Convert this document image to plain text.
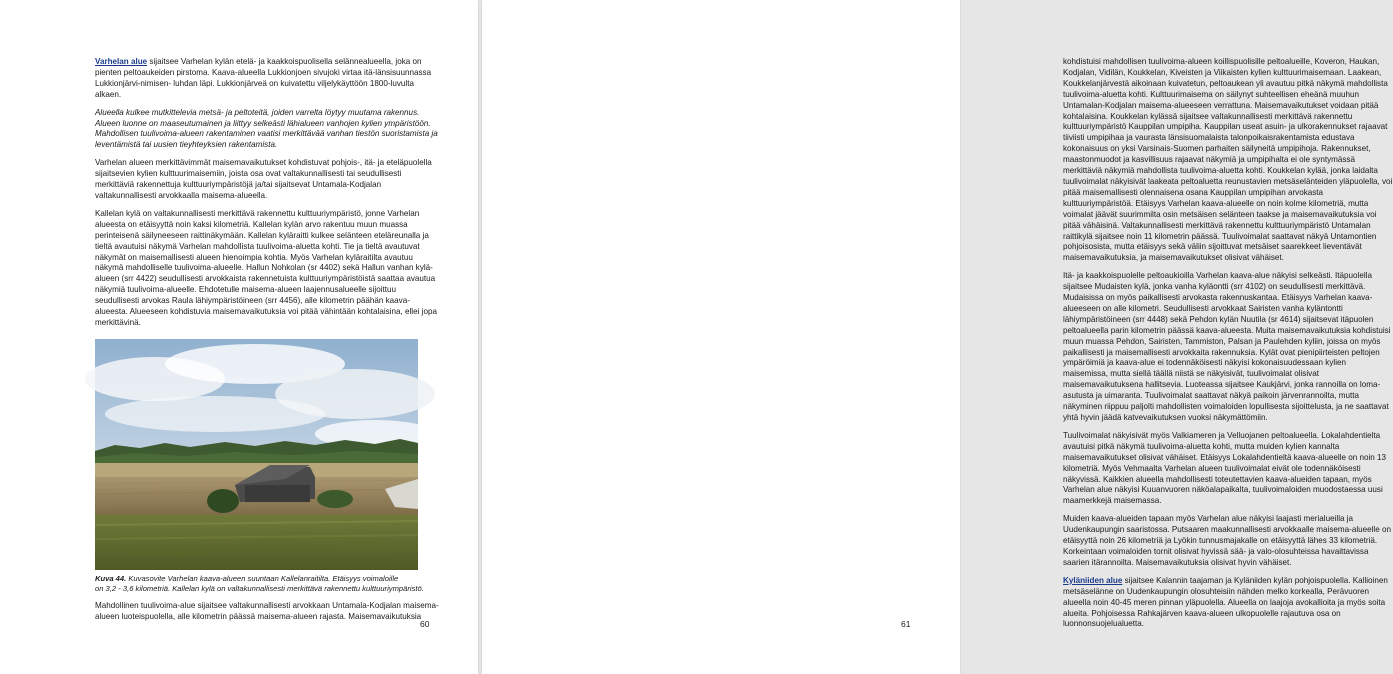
Varhelan alue sijaitsee Varhelan kylän etelä- ja kaakkoispuolisella selännealueella, joka on pienten peltoaukeiden pirstoma. Kaava-alueella Lukkionjoen sivujoki virtaa itä-länsisuunnassa Lukkionjärvi-nimisen- luhdan läpi. Lukkionjärveä on kuivatettu viljelykäyttöön 1800-luvulta alkaen.

Alueella kulkee mutkittelevia metsä- ja peltoteitä, joiden varrelta löytyy muutama rakennus. Alueen luonne on maaseutumainen ja liittyy selkeästi lähialueen vanhojen kylien ympäristöön. Mahdollisen tuulivoima-alueen rakentaminen vaatisi merkittävää vanhan tiestön suoristamista ja leventämistä tai uusien tieyhteyksien rakentamista.

Varhelan alueen merkittävimmät maisemavaikutukset kohdistuvat pohjois-, itä- ja eteläpuolella sijaitsevien kylien kulttuurimaisemiin, joista osa ovat valtakunnallisesti tai seudullisesti merkittäviä rakennettuja kulttuuriympäristöjä ja/tai sijaitsevat Untamala-Kodjalan valtakunnallisesti arvokkaalla maisema-alueella.

Kallelan kylä on valtakunnallisesti merkittävä rakennettu kulttuuriympäristö, jonne Varhelan alueesta on etäisyyttä noin kaksi kilometriä. Kallelan kylän arvo rakentuu muun muassa perinteisenä säilyneeseen raittinäkymään. Kallelan kyläraitti kulkee selänteen eteläreunalla ja tieltä avautuisi näkymä Varhelan mahdollista tuulivoima-aluetta kohti. Tie ja tieltä avautuvat näkymät on maisemallisesti alueen hienoimpia kohtia. Myös Varhelan kyläraitilta avautuu näkymä mahdolliselle tuulivoima-alueelle. Hallun Nohkolan (sr 4402) sekä Hallun vanhan kylä-alueen (srr 4422) seudullisesti arvokkaista rakennetuista kulttuuriympäristöistä saattaa avautua näkymiä tuulivoima-alueelle. Ehdotetulle maisema-alueen laajennusalueelle sijoittuu seudullisesti arvokas Raula lähiympäristöineen (srr 4456), alle kilometrin päähän kaava-alueesta. Alueeseen kohdistuvia maisemavaikutuksia voi pitää vähintään kohtalaisina, ellei jopa merkittävinä.

Kuva 44. Kuvasovite Varhelan kaava-alueen suuntaan Kallelanraitilta. Etäisyys voimaloille
on 3,2 - 3,6 kilometriä. Kallelan kylä on valtakunnallisesti merkittävä rakennettu kulttuuriympäristö.

Mahdollinen tuulivoima-alue sijaitsee valtakunnallisesti arvokkaan Untamala-Kodjalan maisema-alueen luoteispuolella, alle kilometrin päässä maisema-alueen rajasta. Maisemavaikutuksia

60

kohdistuisi mahdollisen tuulivoima-alueen koillispuolisille peltoalueille, Koveron, Haukan, Kodjalan, Vidilän, Koukkelan, Kiveisten ja Viikaisten kylien kulttuurimaisemaan. Laakean, Koukkelanjärvestä aikoinaan kuivatetun, peltoaukean yli avautuu pitkä näkymä mahdollista tuulivoima-aluetta kohti. Kulttuurimaisema on säilynyt suhteellisen eheänä muuhun Untamalan-Kodjalan maisema-alueeseen verrattuna. Maisemavaikutukset voidaan pitää kohtalaisina. Koukkelan kylässä sijaitsee valtakunnallisesti merkittävä rakennettu kulttuuriympäristö Kauppilan umpipiha. Kauppilan useat asuin- ja ulkorakennukset rajaavat tiiviisti umpipihaa ja vaurasta länsisuomalaista talonpoikaisrakentamista edustava kokonaisuus on yksi Varsinais-Suomen parhaiten säilyneitä umpipihoja. Rakennukset, maastonmuodot ja kasvillisuus rajaavat näkymiä ja umpipihalta ei ole syntymässä merkittäviä näkymiä mahdollista tuulivoima-aluetta kohti. Koukkelan kylää, jonka laidalta tuulivoimalat näkyisivät laakeata peltoaluetta reunustavien metsäselänteiden yläpuolella, voi pitää maisemallisesti olennaisena osana Kauppilan umpipihan arvokasta kulttuuriympäristöä. Etäisyys Varhelan kaava-alueelle on noin kolme kilometriä, mutta voimalat jäävät suurimmilta osin metsäisen selänteen taakse ja maisemavaikutuksia voi pitää vähäisinä. Valtakunnallisesti merkittävä rakennettu kulttuuriympäristö Untamalan raittikylä sijaitsee noin 11 kilometrin päässä. Tuulivoimalat saattavat näkyä Untamontien pohjoisosista, mutta etäisyys sekä väliin sijoittuvat metsäiset saarekkeet lieventävät maisemavaikutuksia, ja maisemavaikutukset olisivat vähäiset.

Itä- ja kaakkoispuolelle peltoaukioilla Varhelan kaava-alue näkyisi selkeästi. Itäpuolella sijaitsee Mudaisten kylä, jonka vanha kyläontti (srr 4102) on seudullisesti merkittävä. Mudaisissa on myös paikallisesti arvokasta rakennuskantaa. Etäisyys Varhelan kaava-alueeseen on alle kilometri. Seudullisesti arvokkaat Sairisten vanha kyläntontti lähiympäristöineen (srr 4448) sekä Pehdon kylän Nuutila (sr 4614) sijaitsevat itäpuolen peltoalueella parin kilometrin päässä kaava-alueesta. Muita maisemavaikutuksia kohdistuisi muun muassa Pehdon, Sairisten, Tammiston, Palsan ja Paulehden kyliin, joissa on myös paikallisesti ja maisemallisesti arvokkaita rakennuksia. Kylät ovat pienipiirteisten peltojen ympäröimiä ja kaava-alue ei todennäköisesti näkyisi kokonaisuudessaan kylien maisemissa, mutta siellä täällä niistä se näkyisivät, tuulivoimalat olisivat maisemavaikutuksena hallitsevia. Luoteassa sijaitsee Kaukjärvi, jonka rannoilla on loma-asutusta ja uimaranta. Tuulivoimalat saattavat näkyä paikoin järvenrannoilta, mutta näkyminen riippuu paljolti mahdollisten voimaloiden lopullisesta sijoittelusta, ja ne saattavat yhtä hyvin jäädä katvevaikutuksen vuoksi näkymättömiin.

Tuulivoimalat näkyisivät myös Valkiameren ja Velluojanen peltoalueella. Lokalahdentielta avautuisi pitkä näkymä tuulivoima-aluetta kohti, mutta muiden kylien kannalta maisemavaikutukset olisivat vähäiset. Etäisyys Lokalahdentieltä kaava-alueelle on noin 13 kilometriä. Myös Vehmaalta Varhelan alueen tuulivoimalat eivät ole todennäköisesti näkyvissä. Kaikkien alueella mahdollisesti toteutettavien kaava-alueiden tapaan, myös Varhelan alue näkyisi Kuuanvuoren näköalapaikalta, tuulivoimaloiden muodostaessa uusi maamerkkejä maisemassa.

Muiden kaava-alueiden tapaan myös Varhelan alue näkyisi laajasti merialueilla ja Uudenkaupungin saaristossa. Putsaaren maakunnallisesti arvokkaalle maisema-alueelle on etäisyyttä noin 26 kilometriä ja Lyökin tunnusmajakalle on etäisyyttä lähes 33 kilometriä. Korkeintaan voimaloiden tornit olisivat hyvissä sää- ja valo-olosuhteissa havaittavissa saarien itärannoilta. Maisemavaikutuksia olisivat hyvin vähäiset.

Kyläniiden alue sijaitsee Kalannin taajaman ja Kyläniiden kylän pohjoispuolella. Kallioinen metsäselänne on Uudenkaupungin olosuhteisiin nähden melko korkealla, Perävuoren alueella noin 40-45 meren pinnan yläpuolella. Alueella on laajoja avokallioita ja myös soita alueita. Pohjoisessa Rahkajärven kaava-alueen ulkopuolelle rajautuva osa on luonnonsuojelualuetta.

61
